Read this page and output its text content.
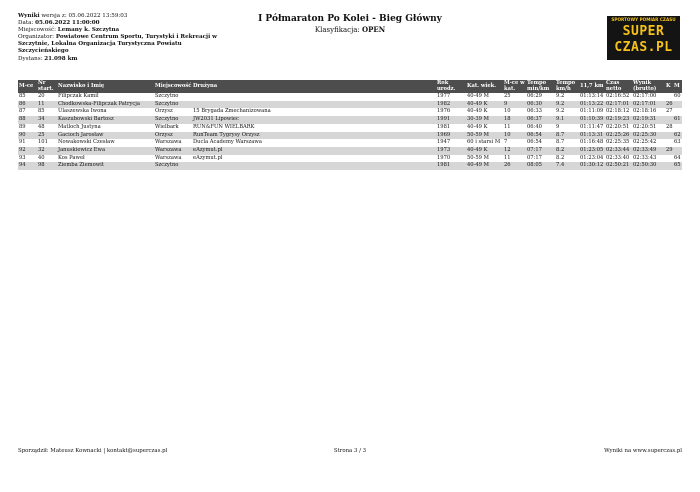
Wyniki wersja z: 05.06.2022 13:59:03
Data: 05.06.2022 11:00:00
Miejscowość: Lemany k. Szczytna
Organizator: Powiatowe Centrum Sportu, Turystyki i Rekreacji w
Szczytnie, Lokalna Organizacja Turystyczna Powiatu
Szczycieńskiego
Dystans: 21.098 km
I Półmaraton Po Kolei - Bieg Główny
Klasyfikacja: OPEN
SPORTOWY POMIAR CZASU
SUPER
CZAS.PL
M-ce	Nr start.	Nazwisko i Imię	Miejscowość	Drużyna	Rok urodz.	Kat. wiek.	M-ce w kat.	Tempo min/km	Tempo km/h	11,7 km	Czas netto	Wynik (brutto)	K	M
85	20	Filipczak Kamil	Szczytno		1977	40-49 M	25	06:29	9.2	01:13:14	02:16:52	02:17:00		60
86	11	Chodkowska-Filipczak Patrycja	Szczytno		1982	40-49 K	9	06:30	9.2	01:13:22	02:17:01	02:17:01	26	
87	85	Ulaszewska Iwona	Orzysz	15 Brygada Zmechanizowana	1976	40-49 K	10	06:33	9.2	01:11:09	02:18:12	02:18:16	27	
88	34	Kaszubowski Bartosz	Szczytno	JW2031 Lipowiec	1991	30-39 M	18	06:37	9.1	01:10:39	02:19:23	02:19:31		61
89	48	Matloch Justyna	Wielbark	RUN&FUN WIELBARK	1981	40-49 K	11	06:40	9	01:11:47	02:20:51	02:20:51	28	
90	25	Gacioch Jarosław	Orzysz	RunTeam Tygrysy Orzysz	1969	50-59 M	10	06:54	8.7	01:13:31	02:25:26	02:25:30		62
91	101	Nowakowski Czesław	Warszawa	Ducla Academy Warszawa	1947	60 i starsi M	7	06:54	8.7	01:16:48	02:25:35	02:25:42		63
92	32	Januskiewicz Ewa	Warszawa	eAzymut.pl	1973	40-49 K	12	07:17	8.2	01:23:05	02:33:44	02:33:49	29	
93	40	Kos Paweł	Warszawa	eAzymut.pl	1970	50-59 M	11	07:17	8.2	01:23:04	02:33:40	02:33:43		64
94	98	Ziemba Ziemowit	Szczytno		1981	40-49 M	26	08:05	7.4	01:30:12	02:50:21	02:50:30		65
Sporządził: Mateusz Kownacki | kontakt@superczas.pl	Strona 3 / 3	Wyniki na www.superczas.pl
